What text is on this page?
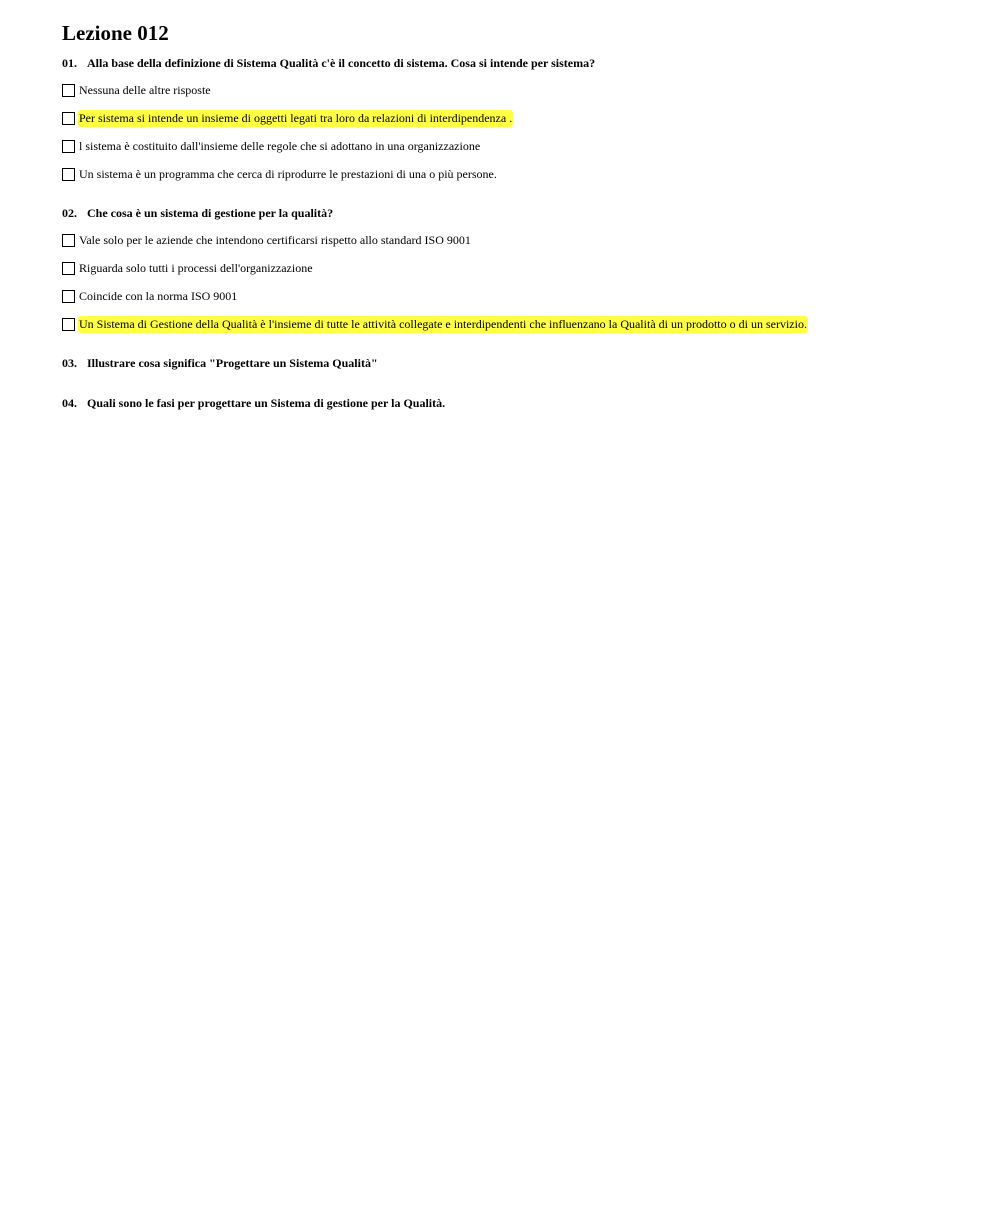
Lezione 012
01. Alla base della definizione di Sistema Qualità c'è il concetto di sistema. Cosa si intende per sistema?
Nessuna delle altre risposte
Per sistema si intende un insieme di oggetti legati tra loro da relazioni di interdipendenza .
l sistema è costituito dall'insieme delle regole che si adottano in una organizzazione
Un sistema è un programma che cerca di riprodurre le prestazioni di una o più persone.
02. Che cosa è un sistema di gestione per la qualità?
Vale solo per le aziende che intendono certificarsi rispetto allo standard ISO 9001
Riguarda solo tutti i processi dell'organizzazione
Coincide con la norma ISO 9001
Un Sistema di Gestione della Qualità è l'insieme di tutte le attività collegate e interdipendenti che influenzano la Qualità di un prodotto o di un servizio.
03. Illustrare cosa significa "Progettare un Sistema Qualità"
04. Quali sono le fasi per progettare un Sistema di gestione per la Qualità.
